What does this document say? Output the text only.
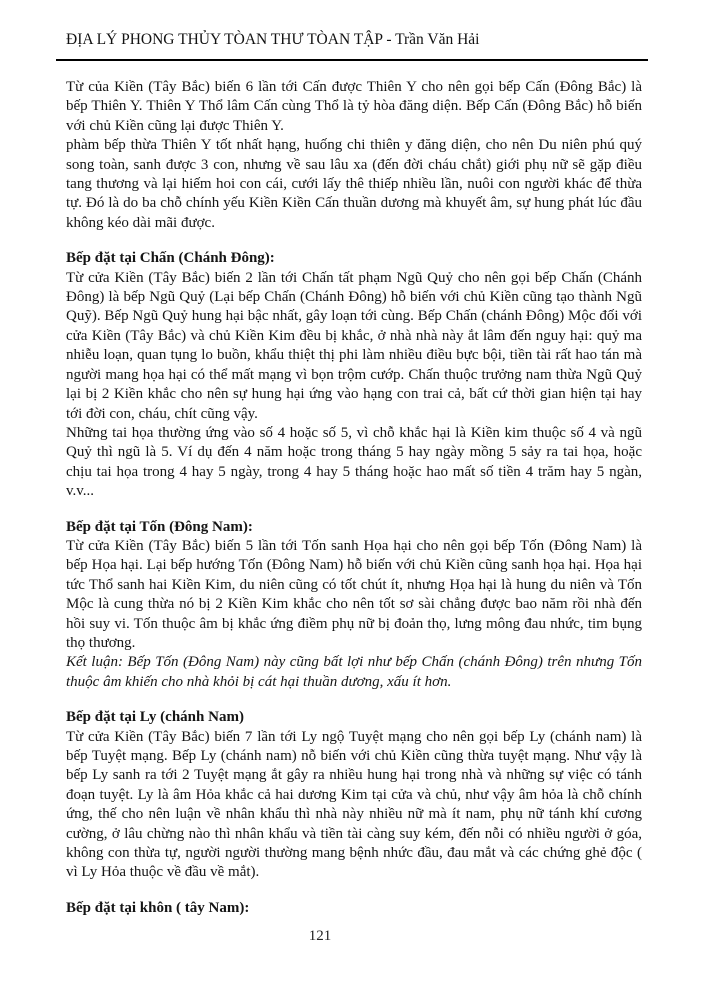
ĐỊA LÝ PHONG THỦY TÒAN THƯ TÒAN TẬP - Trần Văn Hải

Từ của Kiền (Tây Bắc) biến 6 lần tới Cấn được Thiên Y cho nên gọi bếp Cấn (Đông Bắc) là bếp Thiên Y. Thiên Y Thổ lâm Cấn cùng Thổ là tỷ hòa đăng diện. Bếp Cấn (Đông Bắc) hỗ biến với chủ Kiền cũng lại được Thiên Y.

phàm bếp thừa Thiên Y tốt nhất hạng, huống chi thiên y đăng diện, cho nên Du niên phú quý song toàn, sanh được 3 con, nhưng về sau lâu xa (đến đời cháu chắt) giới phụ nữ sẽ gặp điều tang thương và lại hiếm hoi con cái, cưới lấy thê thiếp nhiều lần, nuôi con người khác để thừa tự. Đó là do ba chỗ chính yếu Kiền Kiền Cấn thuần dương mà khuyết âm, sự hung phát lúc đầu không kéo dài mãi được.

Bếp đặt tại Chấn (Chánh Đông):

Từ cửa Kiền (Tây Bắc) biến 2 lần tới Chấn tất phạm Ngũ Quỷ cho nên gọi bếp Chấn (Chánh Đông) là bếp Ngũ Quỷ (Lại bếp Chấn (Chánh Đông) hỗ biến với chủ Kiền cũng tạo thành Ngũ Quỹ). Bếp Ngũ Quỷ hung hại bậc nhất, gây loạn tới cùng. Bếp Chấn (chánh Đông) Mộc đối với cửa Kiền (Tây Bắc) và chủ Kiền Kim đều bị khắc, ở nhà nhà này ắt lâm đến nguy hại: quỷ ma nhiễu loạn, quan tụng lo buồn, khẩu thiệt thị phi làm nhiều điều bực bội, tiền tài rất hao tán mà người mang họa hại có thể mất mạng vì bọn trộm cướp. Chấn thuộc trưởng nam thừa Ngũ Quỷ lại bị 2 Kiền khắc cho nên sự hung hại ứng vào hạng con trai cả, bất cứ thời gian hiện tại hay tới đời con, cháu, chít cũng vậy.

Những tai họa thường ứng vào số 4 hoặc số 5, vì chỗ khắc hại là Kiền kim thuộc số 4 và ngũ Quỷ thì ngũ là 5. Ví dụ đến 4 năm hoặc trong tháng 5 hay ngày mồng 5 sảy ra tai họa, hoặc chịu tai họa trong 4 hay 5 ngày, trong 4 hay 5 tháng hoặc hao mất số tiền 4 trăm hay 5 ngàn, v.v...

Bếp đặt tại Tốn (Đông Nam):

Từ cửa Kiền (Tây Bắc) biến 5 lần tới Tốn sanh Họa hại cho nên gọi bếp Tốn (Đông Nam) là bếp Họa hại. Lại bếp hướng Tốn (Đông Nam) hỗ biến với chủ Kiền cũng sanh họa hại. Họa hại tức Thổ sanh hai Kiền Kim, du niên cũng có tốt chút ít, nhưng Họa hại là hung du niên và Tốn Mộc là cung thừa nó bị 2 Kiền Kim khắc cho nên tốt sơ sài chẳng được bao năm rồi nhà đến hồi suy vi. Tốn thuộc âm bị khắc ứng điềm phụ nữ bị đoản thọ, lưng mông đau nhức, tim bụng thọ thương.

Kết luận: Bếp Tốn (Đông Nam) này cũng bất lợi như bếp Chấn (chánh Đông) trên nhưng Tốn thuộc âm khiến cho nhà khỏi bị cát hại thuần dương, xấu ít hơn.

Bếp đặt tại Ly (chánh Nam)

Từ cửa Kiền (Tây Bắc) biến 7 lần tới Ly ngộ Tuyệt mạng cho nên gọi bếp Ly (chánh nam) là bếp Tuyệt mạng. Bếp Ly (chánh nam) nỗ biến với chủ Kiền cũng thừa tuyệt mạng. Như vậy là bếp Ly sanh ra tới 2 Tuyệt mạng ắt gây ra nhiều hung hại trong nhà và những sự việc có tánh đoạn tuyệt. Ly là âm Hỏa khắc cả hai dương Kim tại cửa và chủ, như vậy âm hỏa là chỗ chính ứng, thế cho nên luận về nhân khẩu thì nhà này nhiều nữ mà ít nam, phụ nữ tánh khí cương cường, ở lâu chừng nào thì nhân khẩu và tiền tài càng suy kém, đến nỗi có nhiều người ở góa, không con thừa tự, người người thường mang bệnh nhức đầu, đau mắt và các chứng ghẻ độc ( vì Ly Hỏa thuộc về đầu về mắt).

Bếp đặt tại khôn ( tây Nam):
121
